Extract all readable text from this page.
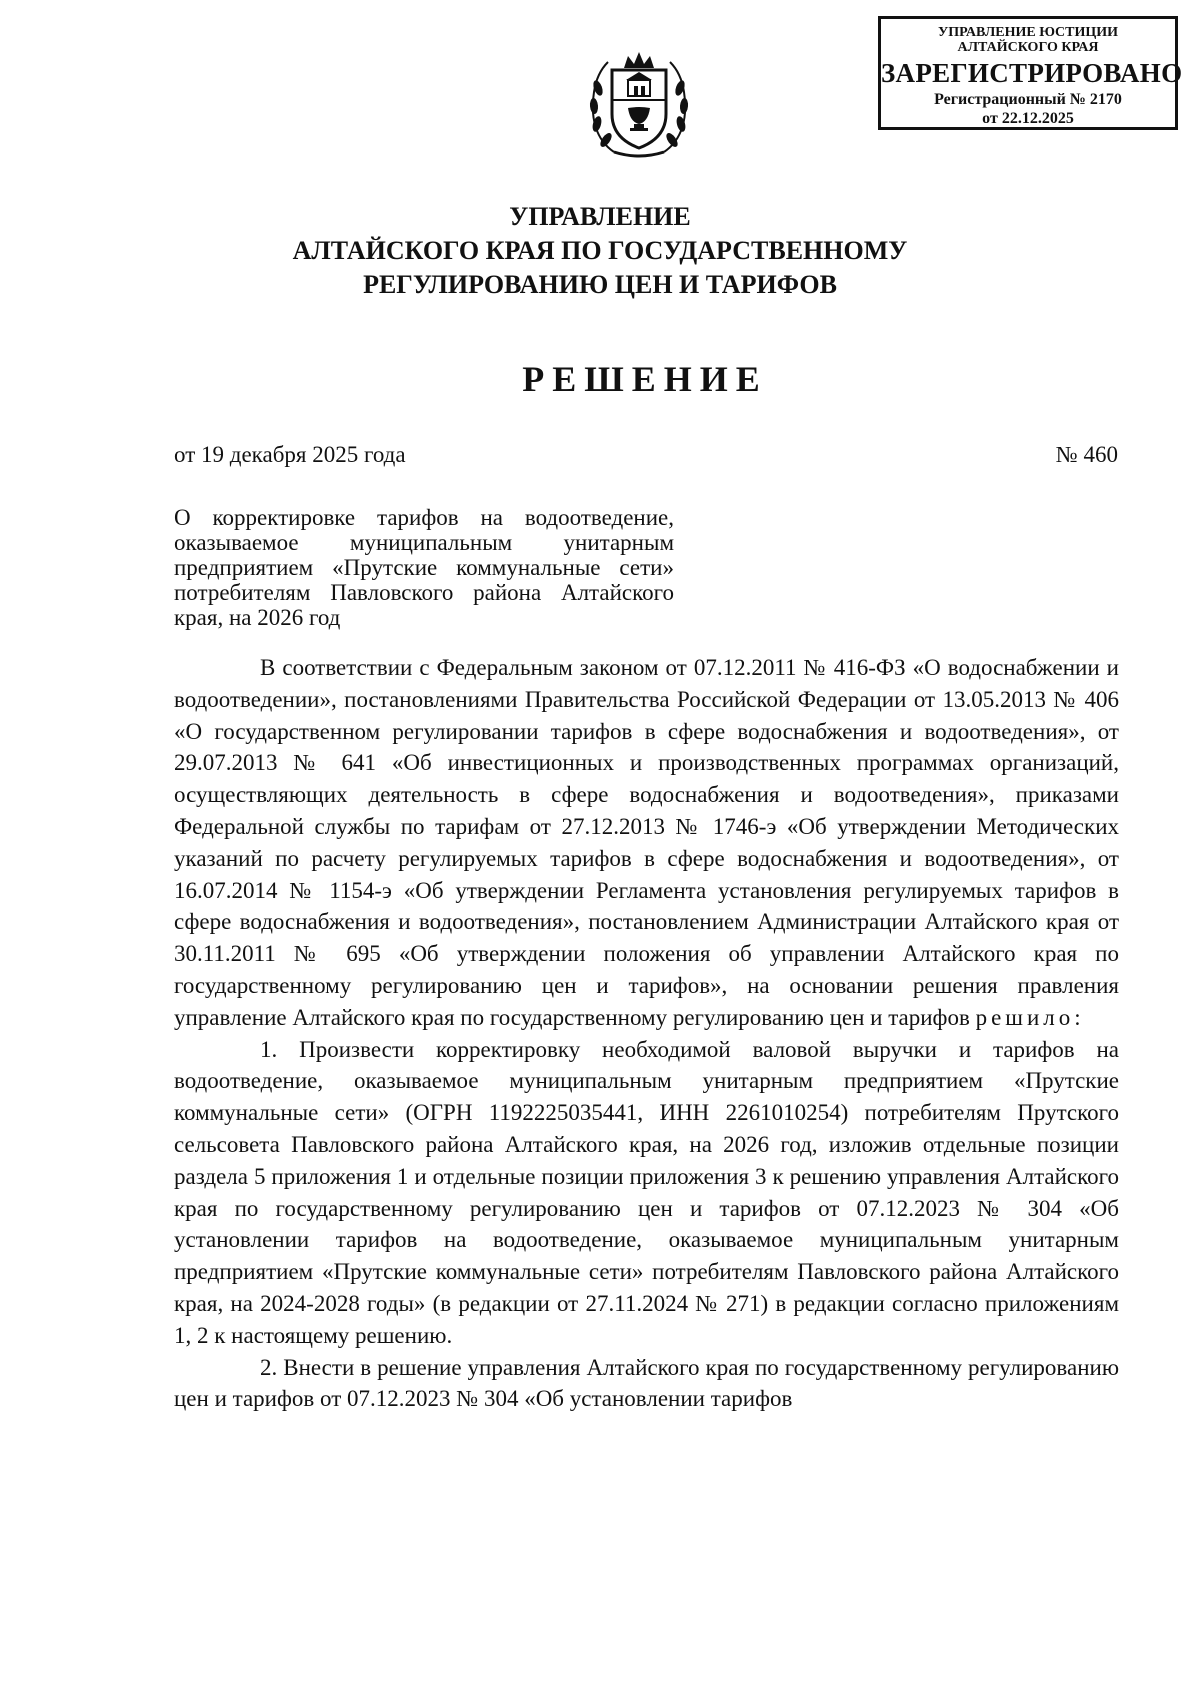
УПРАВЛЕНИЕ ЮСТИЦИИ
АЛТАЙСКОГО КРАЯ
ЗАРЕГИСТРИРОВАНО
Регистрационный № 2170
от 22.12.2025
УПРАВЛЕНИЕ
АЛТАЙСКОГО КРАЯ ПО ГОСУДАРСТВЕННОМУ
РЕГУЛИРОВАНИЮ ЦЕН И ТАРИФОВ
РЕШЕНИЕ
от 19 декабря 2025 года	№ 460
О корректировке тарифов на водоотведение, оказываемое муниципальным унитарным предприятием «Прутские коммунальные сети» потребителям Павловского района Алтайского края, на 2026 год

В соответствии с Федеральным законом от 07.12.2011 № 416-ФЗ «О водоснабжении и водоотведении», постановлениями Правительства Российской Федерации от 13.05.2013 № 406 «О государственном регулировании тарифов в сфере водоснабжения и водоотведения», от 29.07.2013 № 641 «Об инвестиционных и производственных программах организаций, осуществляющих деятельность в сфере водоснабжения и водоотведения», приказами Федеральной службы по тарифам от 27.12.2013 № 1746-э «Об утверждении Методических указаний по расчету регулируемых тарифов в сфере водоснабжения и водоотведения», от 16.07.2014 № 1154-э «Об утверждении Регламента установления регулируемых тарифов в сфере водоснабжения и водоотведения», постановлением Администрации Алтайского края от 30.11.2011 № 695 «Об утверждении положения об управлении Алтайского края по государственному регулированию цен и тарифов», на основании решения правления управление Алтайского края по государственному регулированию цен и тарифов решило:

1. Произвести корректировку необходимой валовой выручки и тарифов на водоотведение, оказываемое муниципальным унитарным предприятием «Прутские коммунальные сети» (ОГРН 1192225035441, ИНН 2261010254) потребителям Прутского сельсовета Павловского района Алтайского края, на 2026 год, изложив отдельные позиции раздела 5 приложения 1 и отдельные позиции приложения 3 к решению управления Алтайского края по государственному регулированию цен и тарифов от 07.12.2023 № 304 «Об установлении тарифов на водоотведение, оказываемое муниципальным унитарным предприятием «Прутские коммунальные сети» потребителям Павловского района Алтайского края, на 2024-2028 годы» (в редакции от 27.11.2024 № 271) в редакции согласно приложениям 1, 2 к настоящему решению.

2. Внести в решение управления Алтайского края по государственному регулированию цен и тарифов от 07.12.2023 № 304 «Об установлении тарифов
